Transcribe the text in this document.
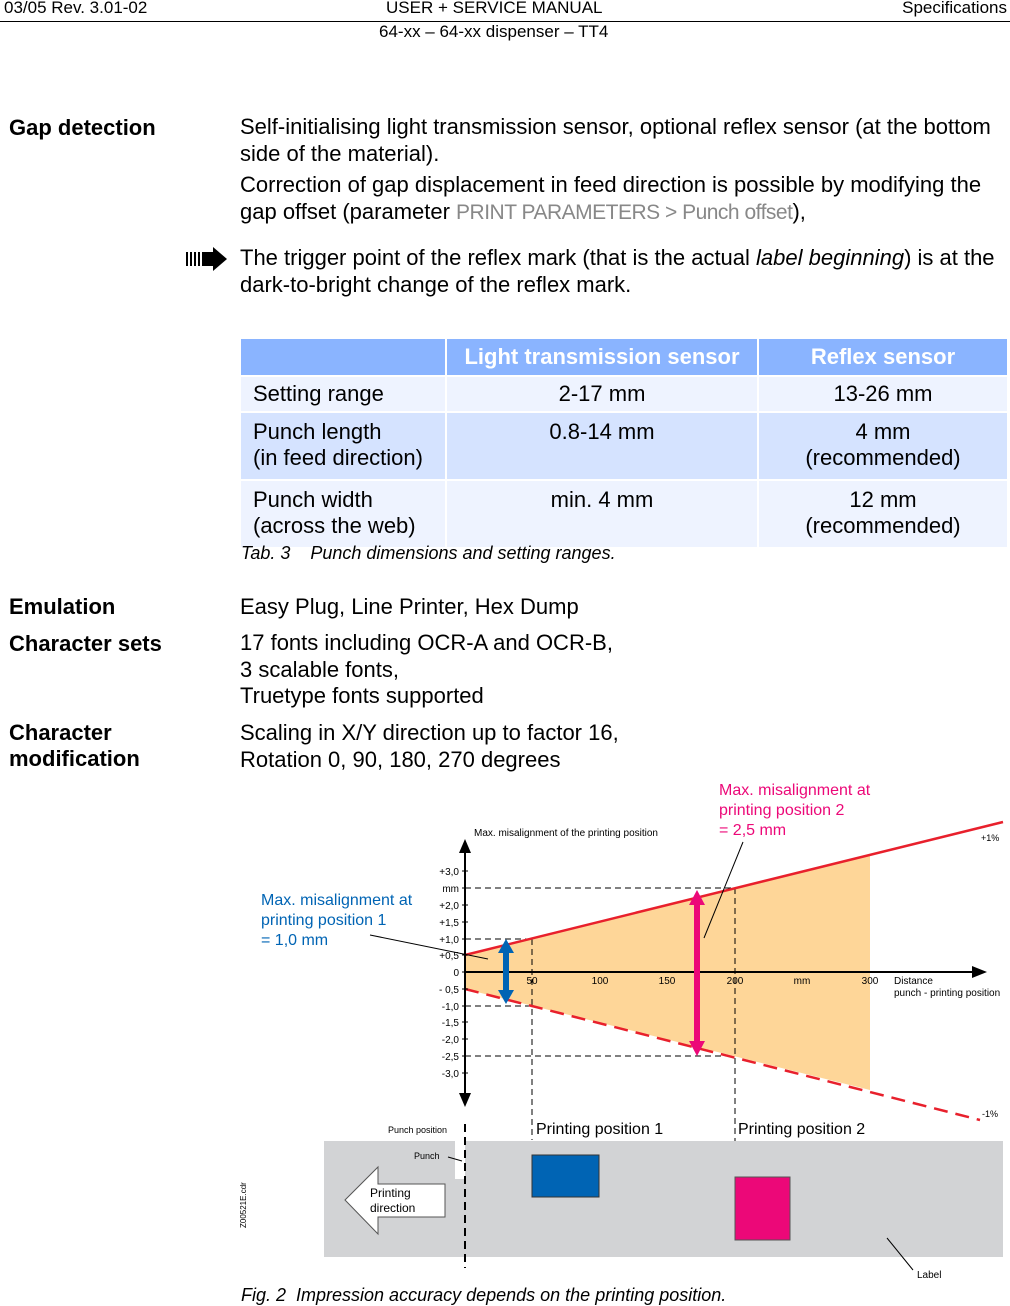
03/05 Rev. 3.01-02	USER + SERVICE MANUAL	Specifications
64-xx – 64-xx dispenser – TT4
Gap detection	Self-initialising light transmission sensor, optional reflex sensor (at the bottom side of the material).
Correction of gap displacement in feed direction is possible by modifying the gap offset (parameter PRINT PARAMETERS > Punch offset),
The trigger point of the reflex mark (that is the actual label beginning) is at the dark-to-bright change of the reflex mark.
	Light transmission sensor	Reflex sensor
Setting range	2-17 mm	13-26 mm
Punch length
(in feed direction)	0.8-14 mm	4 mm
(recommended)
Punch width
(across the web)	min. 4 mm	12 mm
(recommended)
Tab. 3    Punch dimensions and setting ranges.
Emulation	Easy Plug, Line Printer, Hex Dump
Character sets	17 fonts including OCR-A and OCR-B,
3 scalable fonts,
Truetype fonts supported
Character
modification
Scaling in X/Y direction up to factor 16,
Rotation 0, 90, 180, 270 degrees
+3,0
mm
+2,0
+1,5
+1,0
+0,5
0
- 0,5
-1,0
-1,5
-2,0
-2,5
-3,0
50	100	150	200	mm	300
Max. misalignment of the printing position
Distance
punch - printing position
+1%
-1%
Max. misalignment at
printing position 1
= 1,0 mm
Max. misalignment at
printing position 2
= 2,5 mm
Printing
direction
Punch position
Punch
Printing position 1	Printing position 2
Label
Z00521E.cdr
Fig. 2  Impression accuracy depends on the printing position.
